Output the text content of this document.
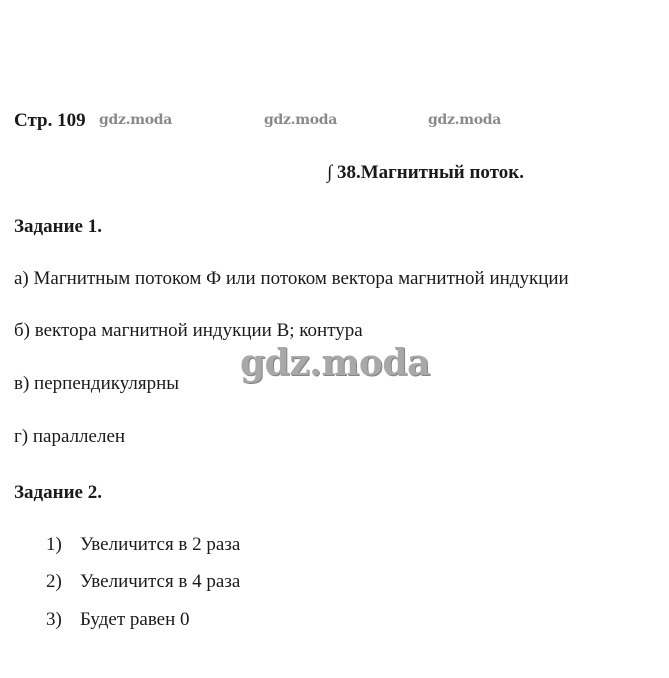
Стр. 109 gdz.moda	gdz.moda	gdz.moda
∫ 38.Магнитный поток.
Задание 1.
а) Магнитным потоком Ф или потоком вектора магнитной индукции
б) вектора магнитной индукции В; контура
в) перпендикулярны
г) параллелен
gdz.moda
Задание 2.
1) Увеличится в 2 раза
2) Увеличится в 4 раза
3) Будет равен 0
